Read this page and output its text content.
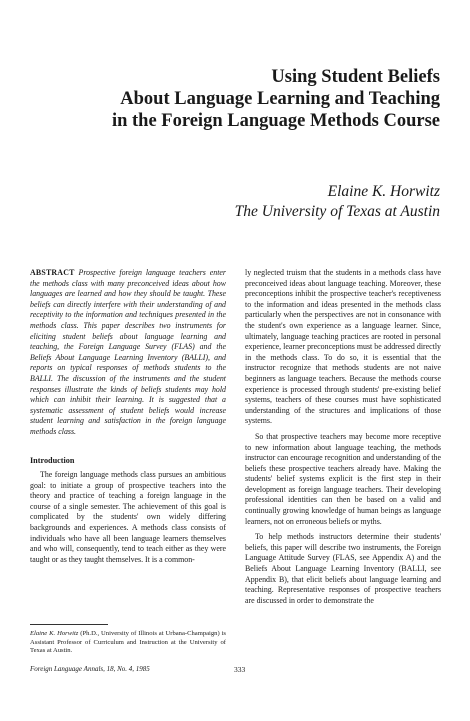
Using Student Beliefs
About Language Learning and Teaching
in the Foreign Language Methods Course
Elaine K. Horwitz
The University of Texas at Austin

ABSTRACT Prospective foreign language teachers enter the methods class with many preconceived ideas about how languages are learned and how they should be taught. These beliefs can directly interfere with their understanding of and receptivity to the information and techniques presented in the methods class. This paper describes two instruments for eliciting student beliefs about language learning and teaching, the Foreign Language Survey (FLAS) and the Beliefs About Language Learning Inventory (BALLI), and reports on typical responses of methods students to the BALLI. The discussion of the instruments and the student responses illustrate the kinds of beliefs students may hold which can inhibit their learning. It is suggested that a systematic assessment of student beliefs would increase student learning and satisfaction in the foreign language methods class.

Introduction

The foreign language methods class pursues an ambitious goal: to initiate a group of prospective teachers into the theory and practice of teaching a foreign language in the course of a single semester. The achievement of this goal is complicated by the students' own widely differing backgrounds and experiences. A methods class consists of individuals who have all been language learners themselves and who will, consequently, tend to teach either as they were taught or as they taught themselves. It is a common-

ly neglected truism that the students in a methods class have preconceived ideas about language teaching. Moreover, these preconceptions inhibit the prospective teacher's receptiveness to the information and ideas presented in the methods class particularly when the perspectives are not in consonance with the student's own experience as a language learner. Since, ultimately, language teaching practices are rooted in personal experience, learner preconceptions must be addressed directly in the methods class. To do so, it is essential that the instructor recognize that methods students are not naive beginners as language teachers. Because the methods course experience is processed through students' pre-existing belief systems, teachers of these courses must have sophisticated understanding of the structures and implications of those systems.

So that prospective teachers may become more receptive to new information about language teaching, the methods instructor can encourage recognition and understanding of the beliefs these prospective teachers already have. Making the students' belief systems explicit is the first step in their development as foreign language teachers. Their developing professional identities can then be based on a valid and continually growing knowledge of human beings as language learners, not on erroneous beliefs or myths.

To help methods instructors determine their students' beliefs, this paper will describe two instruments, the Foreign Language Attitude Survey (FLAS, see Appendix A) and the Beliefs About Language Learning Inventory (BALLI, see Appendix B), that elicit beliefs about language learning and teaching. Representative responses of prospective teachers are discussed in order to demonstrate the

Elaine K. Horwitz (Ph.D., University of Illinois at Urbana-Champaign) is Assistant Professor of Curriculum and Instruction at the University of Texas at Austin.
Foreign Language Annals, 18, No. 4, 1985	333
